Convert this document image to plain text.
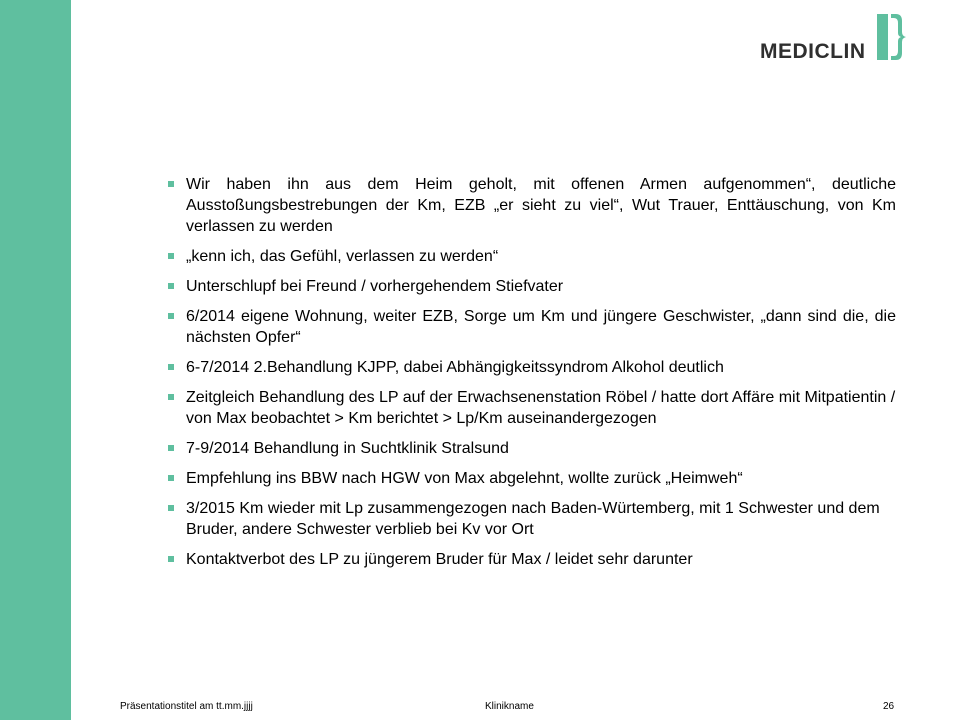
MEDICLIN
Wir haben ihn aus dem Heim geholt, mit offenen Armen aufgenommen“, deutliche Ausstoßungsbestrebungen der Km, EZB „er sieht zu viel“, Wut Trauer, Enttäuschung, von Km verlassen zu werden
„kenn ich, das Gefühl, verlassen zu werden“
Unterschlupf bei Freund / vorhergehendem Stiefvater
6/2014 eigene Wohnung, weiter EZB, Sorge um Km und jüngere Geschwister, „dann sind die, die nächsten Opfer“
6-7/2014 2.Behandlung KJPP, dabei Abhängigkeitssyndrom Alkohol deutlich
Zeitgleich Behandlung des LP auf der Erwachsenenstation Röbel / hatte dort Affäre mit Mitpatientin / von Max beobachtet > Km berichtet > Lp/Km auseinandergezogen
7-9/2014 Behandlung in Suchtklinik Stralsund
Empfehlung ins BBW nach HGW von Max abgelehnt, wollte zurück „Heimweh“
3/2015 Km wieder mit Lp zusammengezogen nach Baden-Würtemberg, mit 1 Schwester und dem Bruder, andere Schwester verblieb bei Kv vor Ort
Kontaktverbot des LP zu jüngerem Bruder für Max / leidet sehr darunter
Präsentationstitel am tt.mm.jjjj	Klinikname	26
